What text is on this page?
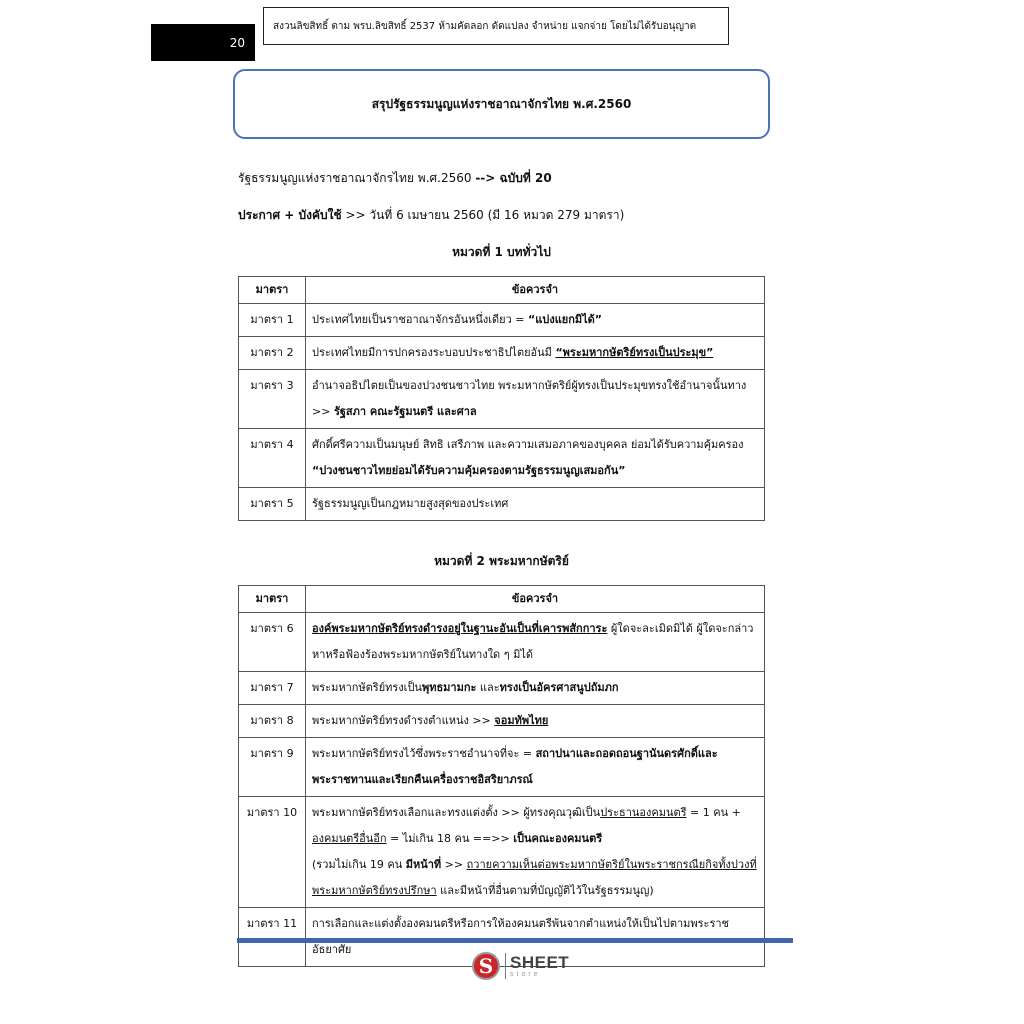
20
สงวนลิขสิทธิ์ ตาม พรบ.ลิขสิทธิ์ 2537 ห้ามคัดลอก ดัดแปลง จำหน่าย แจกจ่าย โดยไม่ได้รับอนุญาต
สรุปรัฐธรรมนูญแห่งราชอาณาจักรไทย พ.ศ.2560
รัฐธรรมนูญแห่งราชอาณาจักรไทย พ.ศ.2560 --> ฉบับที่ 20
ประกาศ + บังคับใช้ >> วันที่ 6 เมษายน 2560 (มี 16 หมวด 279 มาตรา)
หมวดที่ 1 บททั่วไป
มาตรา	ข้อควรจำ
มาตรา 1	ประเทศไทยเป็นราชอาณาจักรอันหนึ่งเดียว = “แบ่งแยกมิได้”
มาตรา 2	ประเทศไทยมีการปกครองระบอบประชาธิปไตยอันมี “พระมหากษัตริย์ทรงเป็นประมุข”
มาตรา 3	อำนาจอธิปไตยเป็นของปวงชนชาวไทย พระมหากษัตริย์ผู้ทรงเป็นประมุขทรงใช้อำนาจนั้นทาง >> รัฐสภา คณะรัฐมนตรี และศาล
มาตรา 4	ศักดิ์ศรีความเป็นมนุษย์ สิทธิ เสรีภาพ และความเสมอภาคของบุคคล ย่อมได้รับความคุ้มครอง “ปวงชนชาวไทยย่อมได้รับความคุ้มครองตามรัฐธรรมนูญเสมอกัน”
มาตรา 5	รัฐธรรมนูญเป็นกฎหมายสูงสุดของประเทศ
หมวดที่ 2 พระมหากษัตริย์
มาตรา	ข้อควรจำ
มาตรา 6	องค์พระมหากษัตริย์ทรงดำรงอยู่ในฐานะอันเป็นที่เคารพสักการะ ผู้ใดจะละเมิดมิได้ ผู้ใดจะกล่าวหาหรือฟ้องร้องพระมหากษัตริย์ในทางใด ๆ มิได้
มาตรา 7	พระมหากษัตริย์ทรงเป็นพุทธมามกะ และทรงเป็นอัครศาสนูปถัมภก
มาตรา 8	พระมหากษัตริย์ทรงดำรงตำแหน่ง >> จอมทัพไทย
มาตรา 9	พระมหากษัตริย์ทรงไว้ซึ่งพระราชอำนาจที่จะ = สถาปนาและถอดถอนฐานันดรศักดิ์และพระราชทานและเรียกคืนเครื่องราชอิสริยาภรณ์
มาตรา 10	พระมหากษัตริย์ทรงเลือกและทรงแต่งตั้ง >> ผู้ทรงคุณวุฒิเป็นประธานองคมนตรี = 1 คน + องคมนตรีอื่นอีก = ไม่เกิน 18 คน ==>> เป็นคณะองคมนตรี
(รวมไม่เกิน 19 คน มีหน้าที่ >> ถวายความเห็นต่อพระมหากษัตริย์ในพระราชกรณียกิจทั้งปวงที่พระมหากษัตริย์ทรงปรึกษา และมีหน้าที่อื่นตามที่บัญญัติไว้ในรัฐธรรมนูญ)
มาตรา 11	การเลือกและแต่งตั้งองคมนตรีหรือการให้องคมนตรีพ้นจากตำแหน่งให้เป็นไปตามพระราชอัธยาศัย
S SHEET
store
